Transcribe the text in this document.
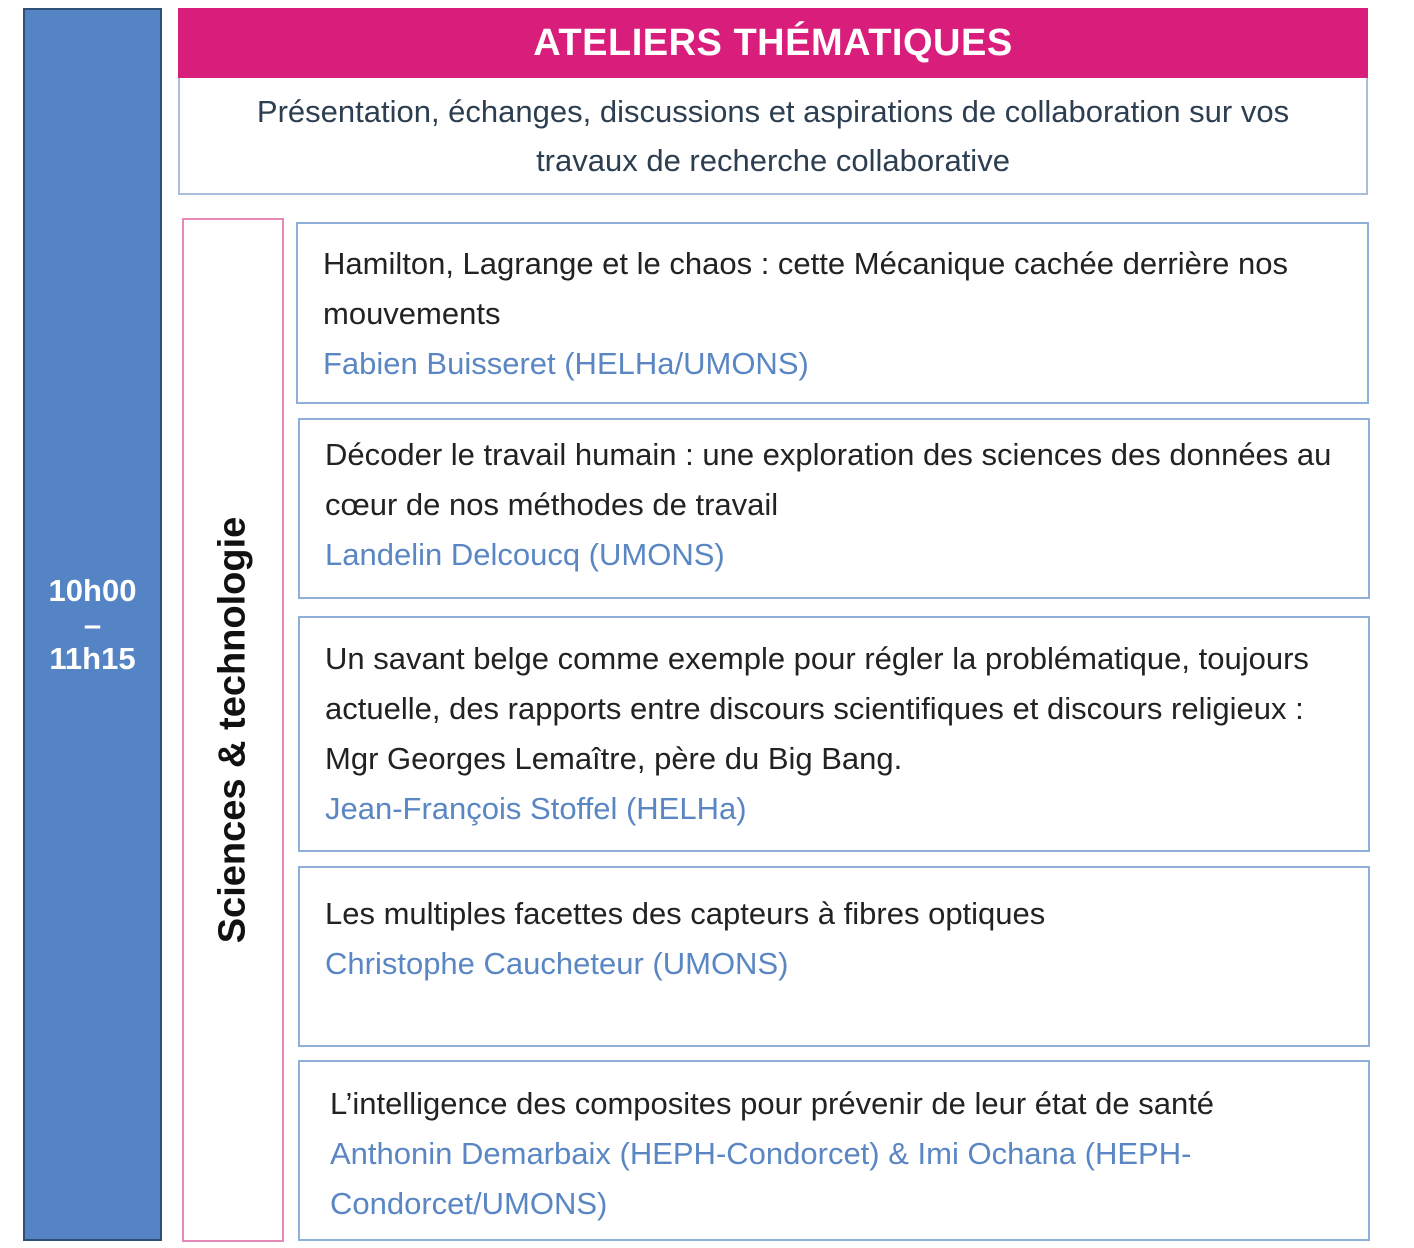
10h00
–
11h15
ATELIERS THÉMATIQUES
Présentation, échanges, discussions et aspirations de collaboration sur vos travaux de recherche collaborative
Sciences & technologie
Hamilton, Lagrange et le chaos : cette Mécanique cachée derrière nos mouvements
Fabien Buisseret (HELHa/UMONS)
Décoder le travail humain : une exploration des sciences des données au cœur de nos méthodes de travail
Landelin Delcoucq (UMONS)
Un savant belge comme exemple pour régler la problématique, toujours actuelle, des rapports entre discours scientifiques et discours religieux : Mgr Georges Lemaître, père du Big Bang.
Jean-François Stoffel (HELHa)
Les multiples facettes des capteurs à fibres optiques
Christophe Caucheteur (UMONS)
L’intelligence des composites pour prévenir de leur état de santé
Anthonin Demarbaix (HEPH-Condorcet) & Imi Ochana (HEPH-Condorcet/UMONS)
